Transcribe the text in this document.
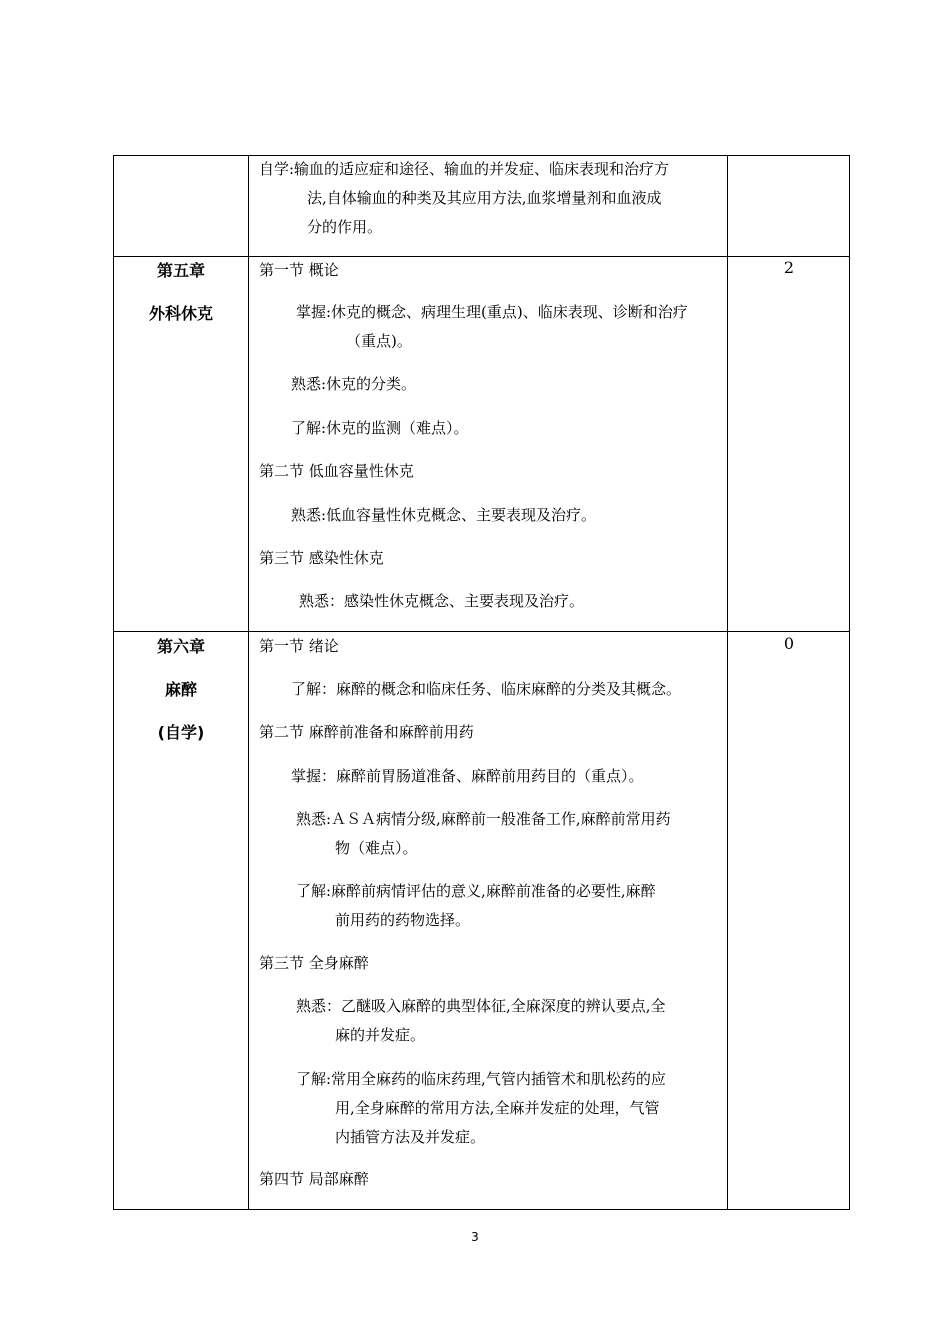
自学:输血的适应症和途径、输血的并发症、临床表现和治疗方
法,自体输血的种类及其应用方法,血浆增量剂和血液成
分的作用。
第五章
外科休克
2
第一节 概论
掌握:休克的概念、病理生理(重点)、临床表现、诊断和治疗
（重点)。
熟悉:休克的分类。
了解:休克的监测（难点）。
第二节 低血容量性休克
熟悉:低血容量性休克概念、主要表现及治疗。
第三节 感染性休克
熟悉：感染性休克概念、主要表现及治疗。
第六章
麻醉
(自学)
0
第一节 绪论
了解：麻醉的概念和临床任务、临床麻醉的分类及其概念。
第二节 麻醉前准备和麻醉前用药
掌握：麻醉前胃肠道准备、麻醉前用药目的（重点）。
熟悉:ＡＳＡ病情分级,麻醉前一般准备工作,麻醉前常用药
物（难点）。
了解:麻醉前病情评估的意义,麻醉前准备的必要性,麻醉
前用药的药物选择。
第三节 全身麻醉
熟悉：乙醚吸入麻醉的典型体征,全麻深度的辨认要点,全
麻的并发症。
了解:常用全麻药的临床药理,气管内插管术和肌松药的应
用,全身麻醉的常用方法,全麻并发症的处理，气管
内插管方法及并发症。
第四节 局部麻醉
3
